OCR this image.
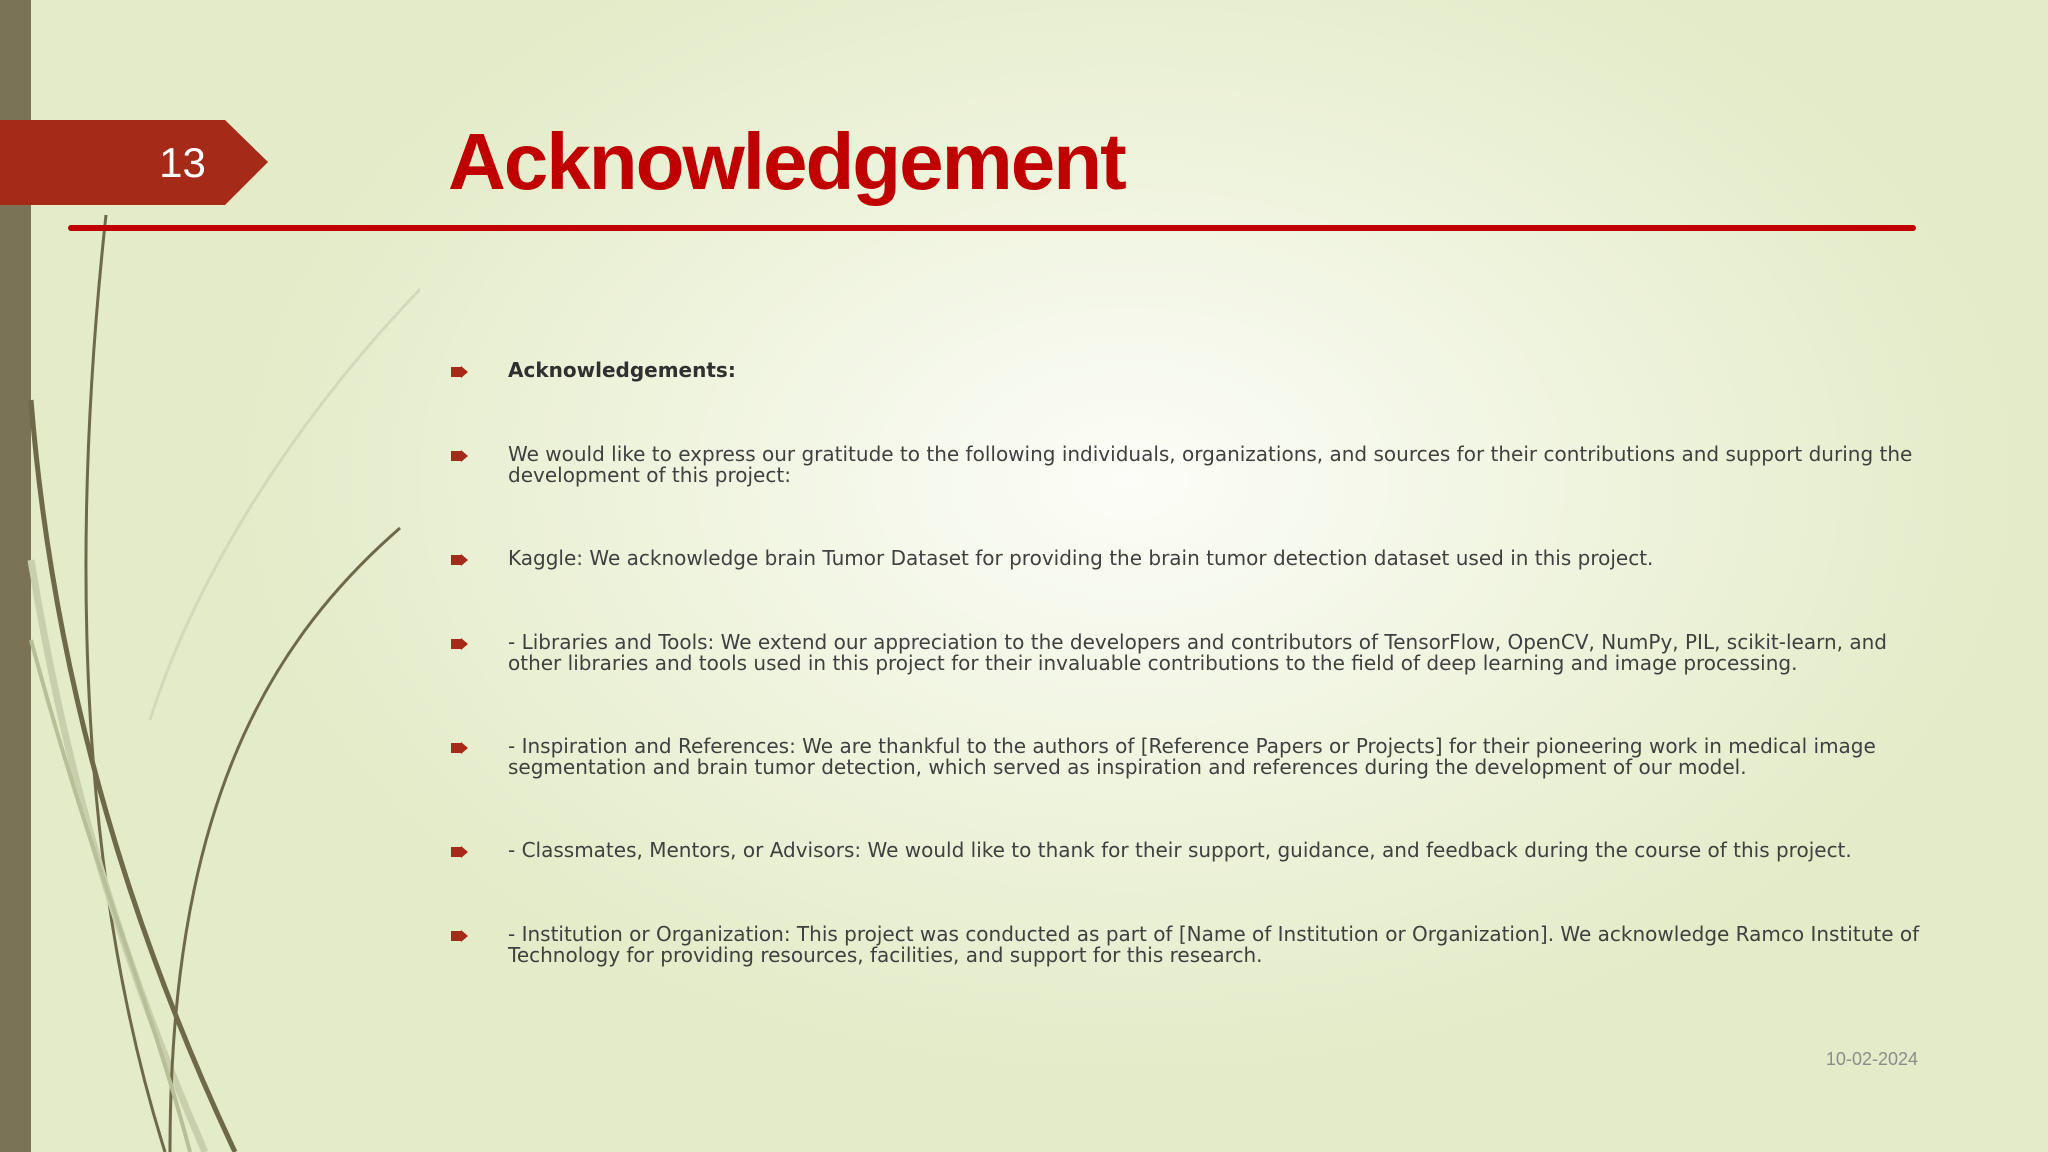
13	Acknowledgement
Acknowledgements:
We would like to express our gratitude to the following individuals, organizations, and sources for their contributions and support during the development of this project:
Kaggle: We acknowledge brain Tumor Dataset for providing the brain tumor detection dataset used in this project.
- Libraries and Tools: We extend our appreciation to the developers and contributors of TensorFlow, OpenCV, NumPy, PIL, scikit-learn, and other libraries and tools used in this project for their invaluable contributions to the field of deep learning and image processing.
- Inspiration and References: We are thankful to the authors of [Reference Papers or Projects] for their pioneering work in medical image segmentation and brain tumor detection, which served as inspiration and references during the development of our model.
- Classmates, Mentors, or Advisors: We would like to thank for their support, guidance, and feedback during the course of this project.
- Institution or Organization: This project was conducted as part of [Name of Institution or Organization]. We acknowledge Ramco Institute of Technology for providing resources, facilities, and support for this research.
10-02-2024
